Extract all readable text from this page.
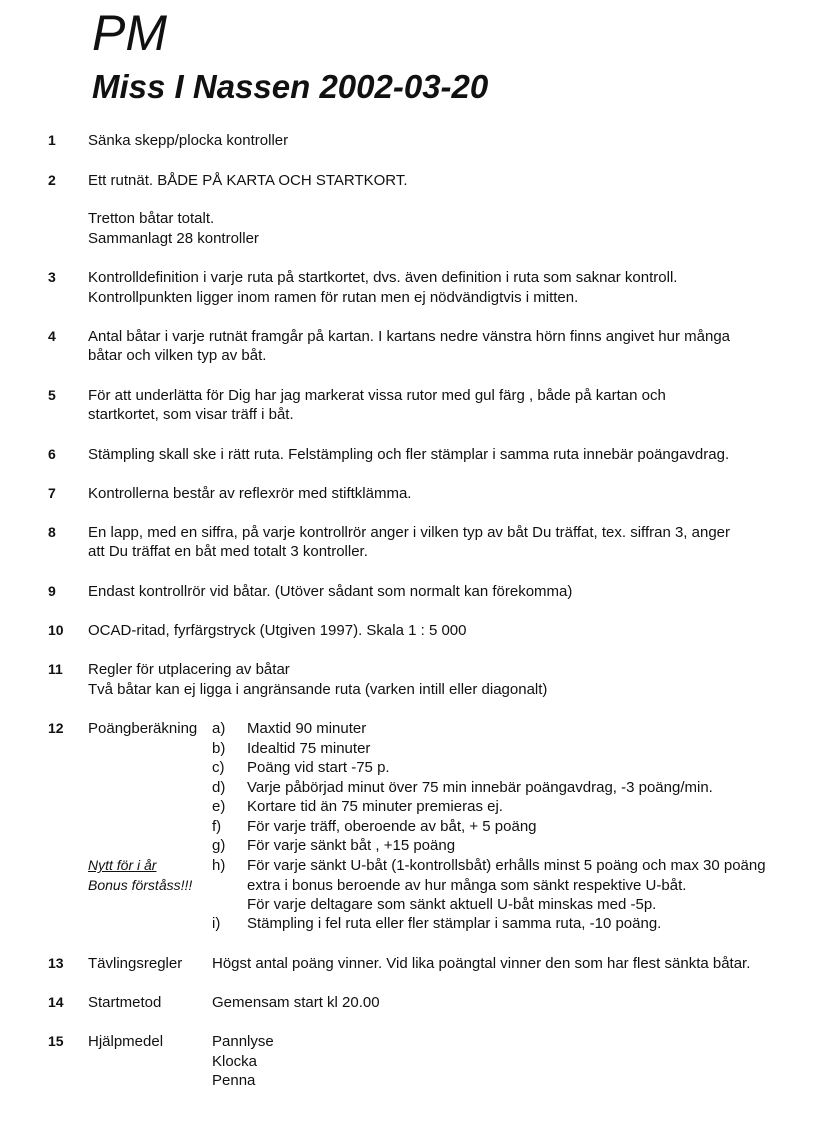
PM
Miss I Nassen 2002-03-20
1	Sänka skepp/plocka kontroller
2	Ett rutnät. BÅDE PÅ KARTA OCH STARTKORT.
Tretton båtar totalt.
Sammanlagt 28 kontroller
3	Kontrolldefinition i varje ruta på startkortet, dvs. även definition i ruta som saknar kontroll.
Kontrollpunkten ligger inom ramen för rutan men ej nödvändigtvis i mitten.
4	Antal båtar i varje rutnät framgår på kartan. I kartans nedre vänstra hörn finns angivet hur många
båtar och vilken typ av båt.
5	För att underlätta för Dig har jag markerat vissa rutor med gul färg , både på kartan och
startkortet, som visar träff i båt.
6	Stämpling skall ske i rätt ruta. Felstämpling och fler stämplar i samma ruta innebär poängavdrag.
7	Kontrollerna består av reflexrör med stiftklämma.
8	En lapp, med en siffra, på varje kontrollrör anger i vilken typ av båt Du träffat, tex. siffran 3, anger
att Du träffat en båt med totalt 3 kontroller.
9	Endast kontrollrör vid båtar. (Utöver sådant som normalt kan förekomma)
10	OCAD-ritad, fyrfärgstryck (Utgiven 1997). Skala 1 : 5 000
11	Regler för utplacering av båtar
Två båtar kan ej ligga i angränsande ruta (varken intill eller diagonalt)
12	Poängberäkning a) Maxtid 90 minuter
b) Idealtid 75 minuter
c) Poäng vid start -75 p.
d) Varje påbörjad minut över 75 min innebär poängavdrag, -3 poäng/min.
e) Kortare tid än 75 minuter premieras ej.
f) För varje träff, oberoende av båt, + 5 poäng
g) För varje sänkt båt , +15 poäng
Nytt för i år	h) För varje sänkt U-båt (1-kontrollsbåt) erhålls minst 5 poäng och max 30 poäng
Bonus förståss!!!	extra i bonus beroende av hur många som sänkt respektive U-båt.
För varje deltagare som sänkt aktuell U-båt minskas med -5p.
i) Stämpling i fel ruta eller fler stämplar i samma ruta, -10 poäng.
13	Tävlingsregler Högst antal poäng vinner. Vid lika poängtal vinner den som har flest sänkta båtar.
14	Startmetod	Gemensam start kl 20.00
15	Hjälpmedel	Pannlyse
Klocka
Penna
